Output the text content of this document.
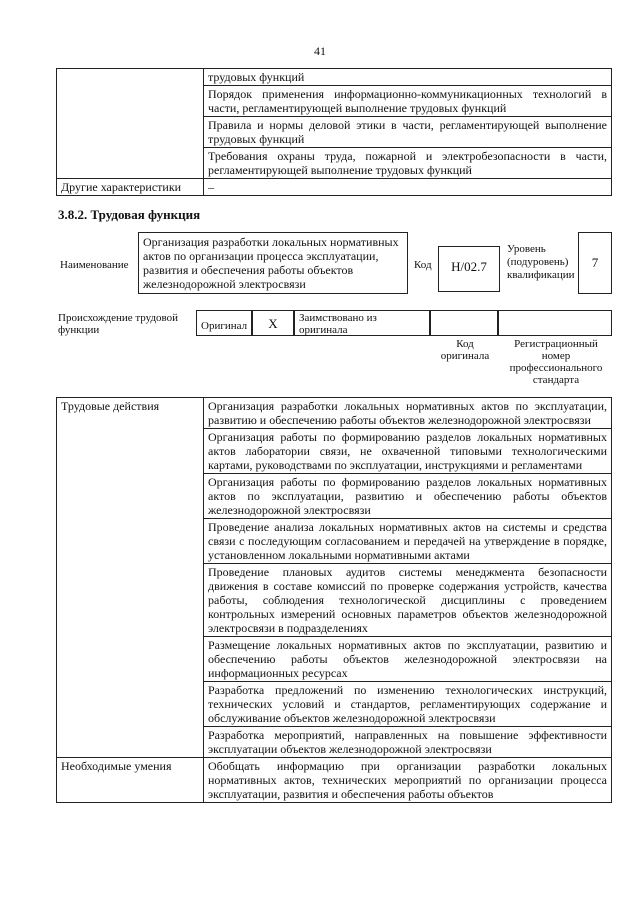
41
	трудовых функций
	Порядок применения информационно-коммуникационных технологий в части, регламентирующей выполнение трудовых функций
	Правила и нормы деловой этики в части, регламентирующей выполнение трудовых функций
	Требования охраны труда, пожарной и электробезопасности в части, регламентирующей выполнение трудовых функций
Другие характеристики	–
3.8.2. Трудовая функция
Наименование
Организация разработки локальных нормативных актов по организации процесса эксплуатации, развития и обеспечения работы объектов железнодорожной электросвязи
Код	H/02.7
Уровень (подуровень) квалификации
7
Происхождение трудовой функции	Оригинал	X	Заимствовано из оригинала
Код оригинала
Регистрационный номер профессионального стандарта
Трудовые действия	Организация разработки локальных нормативных актов по эксплуатации, развитию и обеспечению работы объектов железнодорожной электросвязи
	Организация работы по формированию разделов локальных нормативных актов лаборатории связи, не охваченной типовыми технологическими картами, руководствами по эксплуатации, инструкциями и регламентами
	Организация работы по формированию разделов локальных нормативных актов по эксплуатации, развитию и обеспечению работы объектов железнодорожной электросвязи
	Проведение анализа локальных нормативных актов на системы и средства связи с последующим согласованием и передачей на утверждение в порядке, установленном локальными нормативными актами
	Проведение плановых аудитов системы менеджмента безопасности движения в составе комиссий по проверке содержания устройств, качества работы, соблюдения технологической дисциплины с проведением контрольных измерений основных параметров объектов железнодорожной электросвязи в подразделениях
	Размещение локальных нормативных актов по эксплуатации, развитию и обеспечению работы объектов железнодорожной электросвязи на информационных ресурсах
	Разработка предложений по изменению технологических инструкций, технических условий и стандартов, регламентирующих содержание и обслуживание объектов железнодорожной электросвязи
	Разработка мероприятий, направленных на повышение эффективности эксплуатации объектов железнодорожной электросвязи
Необходимые умения	Обобщать информацию при организации разработки локальных нормативных актов, технических мероприятий по организации процесса эксплуатации, развития и обеспечения работы объектов
